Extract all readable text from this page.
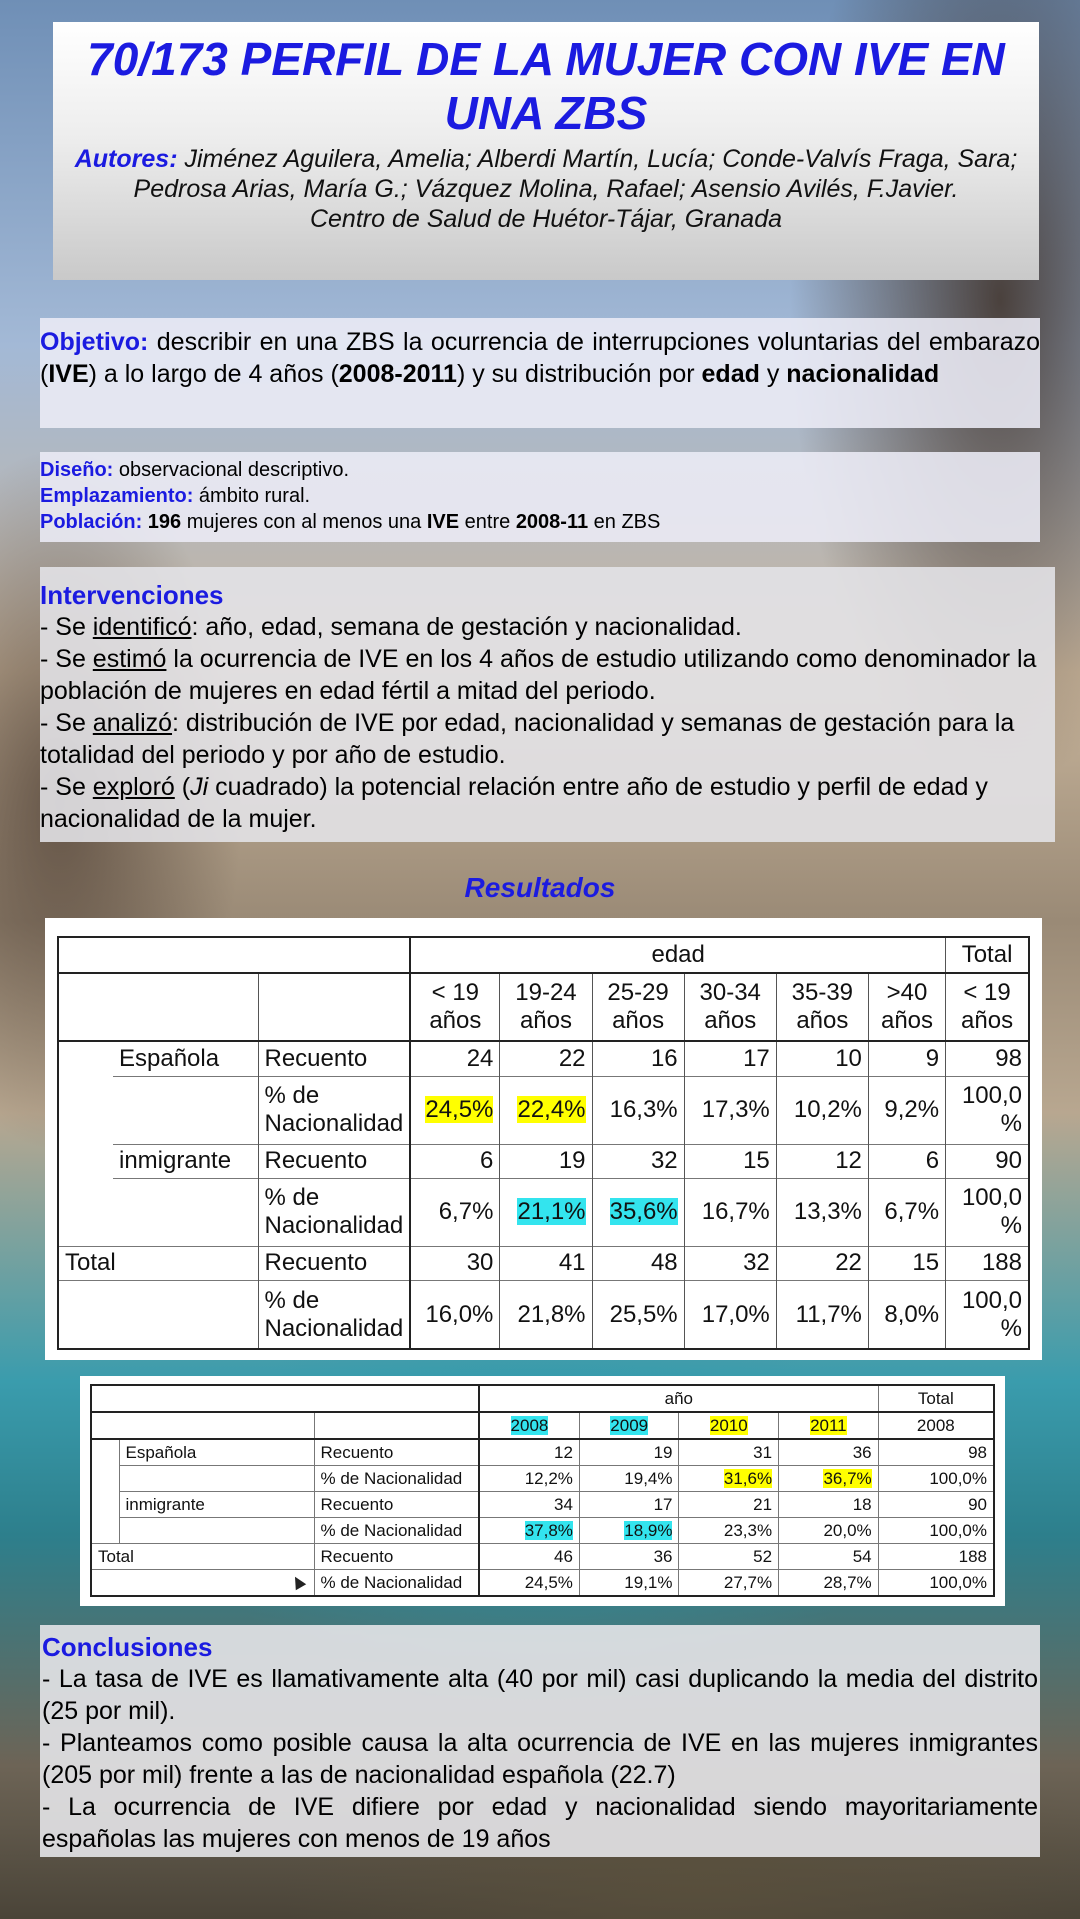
70/173 PERFIL DE LA MUJER CON IVE EN UNA ZBS
Autores: Jiménez Aguilera, Amelia; Alberdi Martín, Lucía; Conde-Valvís Fraga, Sara; Pedrosa Arias, María G.; Vázquez Molina, Rafael; Asensio Avilés, F.Javier.
Centro de Salud de Huétor-Tájar, Granada
Objetivo: describir en una ZBS la ocurrencia de interrupciones voluntarias del embarazo (IVE) a lo largo de 4 años (2008-2011) y su distribución por edad y nacionalidad
Diseño: observacional descriptivo.
Emplazamiento: ámbito rural.
Población: 196 mujeres con al menos una IVE entre 2008-11 en ZBS
Intervenciones
- Se identificó: año, edad, semana de gestación y nacionalidad.
- Se estimó la ocurrencia de IVE en los 4 años de estudio utilizando como denominador la población de mujeres en edad fértil a mitad del periodo.
- Se analizó: distribución de IVE por edad, nacionalidad y semanas de gestación para la totalidad del periodo y por año de estudio.
- Se exploró (Ji cuadrado) la potencial relación entre año de estudio y perfil de edad y nacionalidad de la mujer.
Resultados
			edad						Total
			< 19 años	19-24 años	25-29 años	30-34 años	35-39 años	>40 años	< 19 años
	Española	Recuento	24	22	16	17	10	9	98
		% de Nacionalidad	24,5%	22,4%	16,3%	17,3%	10,2%	9,2%	100,0 %
	inmigrante	Recuento	6	19	32	15	12	6	90
		% de Nacionalidad	6,7%	21,1%	35,6%	16,7%	13,3%	6,7%	100,0 %
Total		Recuento	30	41	48	32	22	15	188
		% de Nacionalidad	16,0%	21,8%	25,5%	17,0%	11,7%	8,0%	100,0 %
			año				Total
			2008	2009	2010	2011	2008
	Española	Recuento	12	19	31	36	98
		% de Nacionalidad	12,2%	19,4%	31,6%	36,7%	100,0%
	inmigrante	Recuento	34	17	21	18	90
		% de Nacionalidad	37,8%	18,9%	23,3%	20,0%	100,0%
Total		Recuento	46	36	52	54	188
		% de Nacionalidad	24,5%	19,1%	27,7%	28,7%	100,0%
Conclusiones
- La tasa de IVE es llamativamente alta (40 por mil) casi duplicando la media del distrito (25 por mil).
- Planteamos como posible causa la alta ocurrencia de IVE en las mujeres inmigrantes (205 por mil) frente a las de nacionalidad española (22.7)
- La ocurrencia de IVE difiere por edad y nacionalidad siendo mayoritariamente españolas las mujeres con menos de 19 años
